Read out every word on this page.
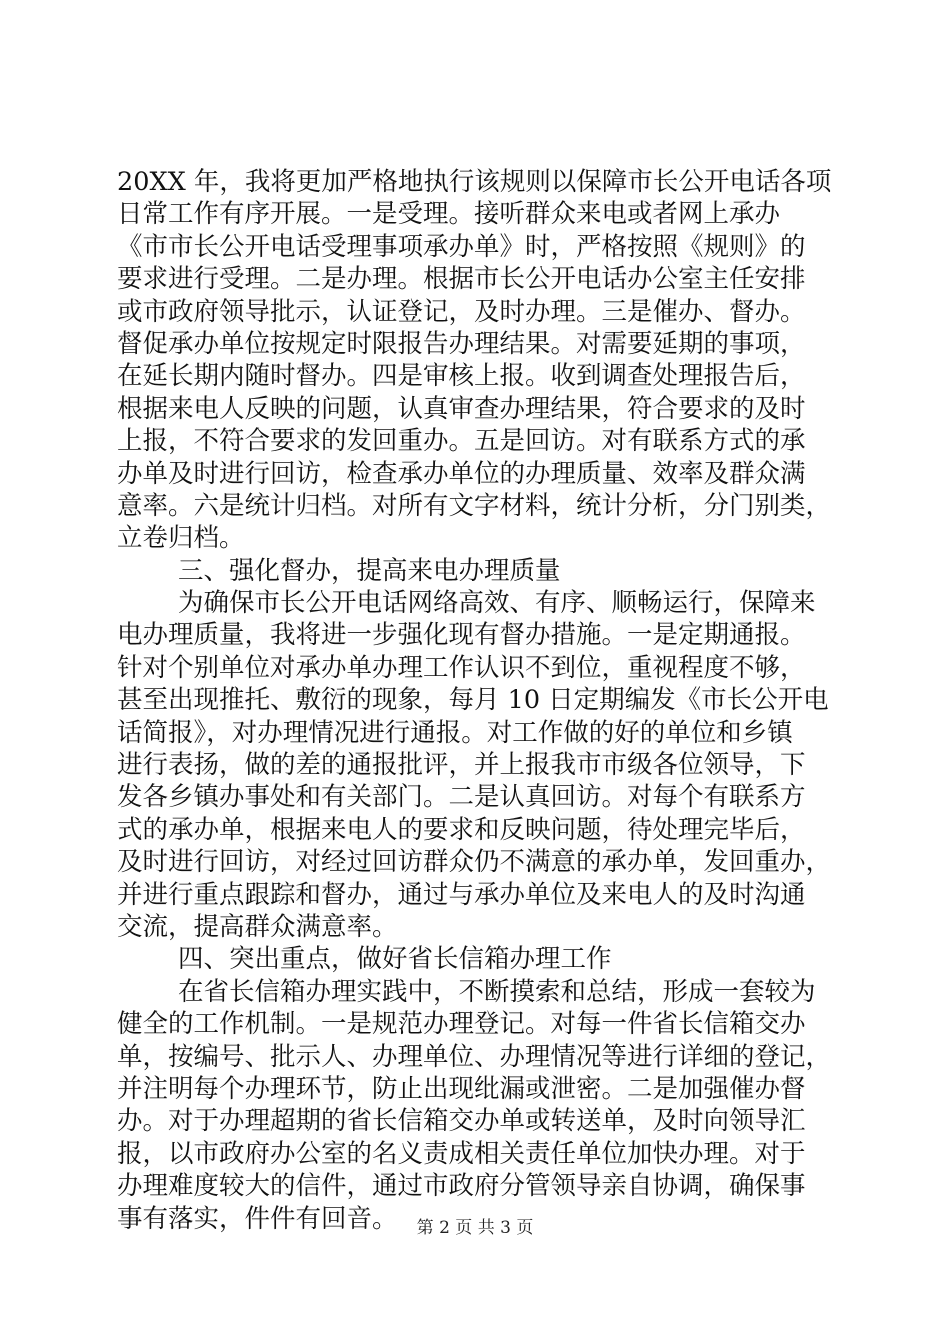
20XX 年，我将更加严格地执行该规则以保障市长公开电话各项
日常工作有序开展。一是受理。接听群众来电或者网上承办
《市市长公开电话受理事项承办单》时，严格按照《规则》的
要求进行受理。二是办理。根据市长公开电话办公室主任安排
或市政府领导批示，认证登记，及时办理。三是催办、督办。
督促承办单位按规定时限报告办理结果。对需要延期的事项，
在延长期内随时督办。四是审核上报。收到调查处理报告后，
根据来电人反映的问题，认真审查办理结果，符合要求的及时
上报，不符合要求的发回重办。五是回访。对有联系方式的承
办单及时进行回访，检查承办单位的办理质量、效率及群众满
意率。六是统计归档。对所有文字材料，统计分析，分门别类，
立卷归档。
三、强化督办，提高来电办理质量
为确保市长公开电话网络高效、有序、顺畅运行，保障来
电办理质量，我将进一步强化现有督办措施。一是定期通报。
针对个别单位对承办单办理工作认识不到位，重视程度不够，
甚至出现推托、敷衍的现象，每月 10 日定期编发《市长公开电
话简报》，对办理情况进行通报。对工作做的好的单位和乡镇
进行表扬，做的差的通报批评，并上报我市市级各位领导，下
发各乡镇办事处和有关部门。二是认真回访。对每个有联系方
式的承办单，根据来电人的要求和反映问题，待处理完毕后，
及时进行回访，对经过回访群众仍不满意的承办单，发回重办，
并进行重点跟踪和督办，通过与承办单位及来电人的及时沟通
交流，提高群众满意率。
四、突出重点，做好省长信箱办理工作
在省长信箱办理实践中，不断摸索和总结，形成一套较为
健全的工作机制。一是规范办理登记。对每一件省长信箱交办
单，按编号、批示人、办理单位、办理情况等进行详细的登记，
并注明每个办理环节，防止出现纰漏或泄密。二是加强催办督
办。对于办理超期的省长信箱交办单或转送单，及时向领导汇
报，以市政府办公室的名义责成相关责任单位加快办理。对于
办理难度较大的信件，通过市政府分管领导亲自协调，确保事
事有落实，件件有回音。	第 2 页 共 3 页
